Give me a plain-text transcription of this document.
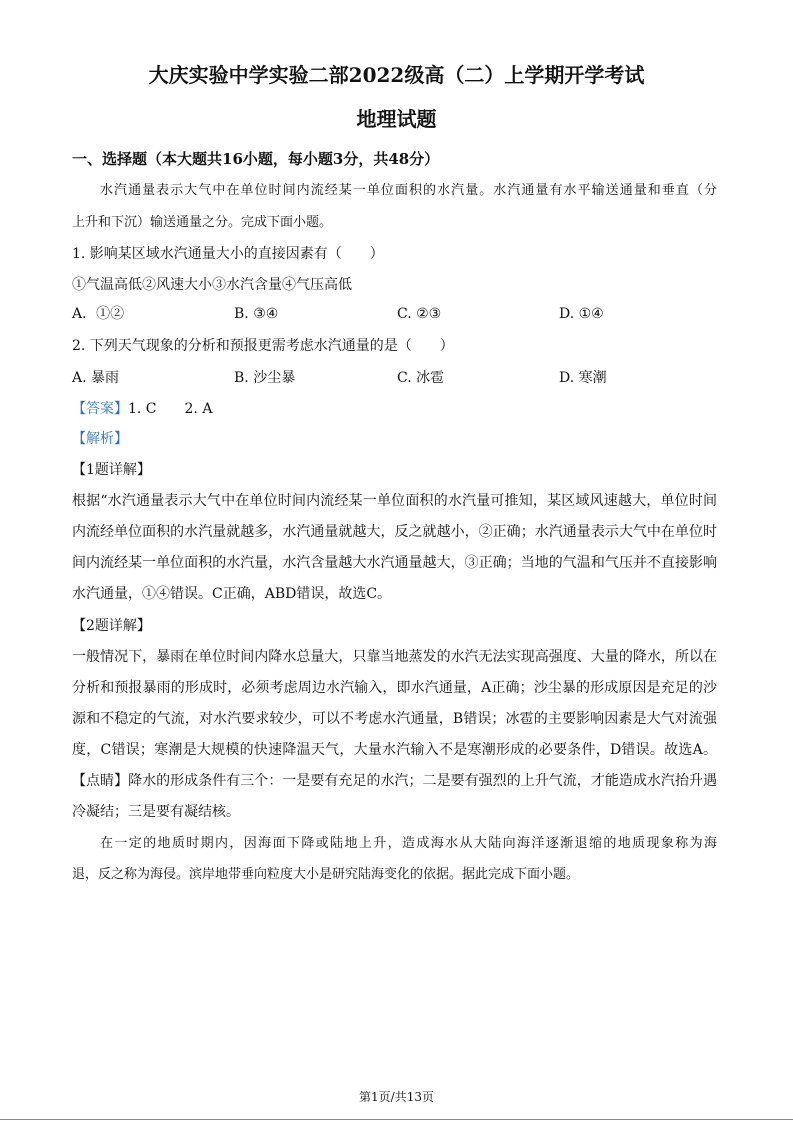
大庆实验中学实验二部2022级高（二）上学期开学考试
地理试题
一、选择题（本大题共16小题，每小题3分，共48分）
水汽通量表示大气中在单位时间内流经某一单位面积的水汽量。水汽通量有水平输送通量和垂直（分
上升和下沉）输送通量之分。完成下面小题。
1. 影响某区域水汽通量大小的直接因素有（　　）
①气温高低②风速大小③水汽含量④气压高低
A．①②	B. ③④	C. ②③	D. ①④
2. 下列天气现象的分析和预报更需考虑水汽通量的是（　　）
A. 暴雨	B. 沙尘暴	C. 冰雹	D. 寒潮
【答案】1. C　　2. A
【解析】
【1题详解】
根据“水汽通量表示大气中在单位时间内流经某一单位面积的水汽量可推知，某区域风速越大，单位时间
内流经单位面积的水汽量就越多，水汽通量就越大，反之就越小，②正确；水汽通量表示大气中在单位时
间内流经某一单位面积的水汽量，水汽含量越大水汽通量越大，③正确；当地的气温和气压并不直接影响
水汽通量，①④错误。C正确，ABD错误，故选C。
【2题详解】
一般情况下，暴雨在单位时间内降水总量大，只靠当地蒸发的水汽无法实现高强度、大量的降水，所以在
分析和预报暴雨的形成时，必须考虑周边水汽输入，即水汽通量，A正确；沙尘暴的形成原因是充足的沙
源和不稳定的气流，对水汽要求较少，可以不考虑水汽通量，B错误；冰雹的主要影响因素是大气对流强
度，C错误；寒潮是大规模的快速降温天气，大量水汽输入不是寒潮形成的必要条件，D错误。故选A。
【点睛】降水的形成条件有三个：一是要有充足的水汽；二是要有强烈的上升气流，才能造成水汽抬升遇
冷凝结；三是要有凝结核。
在一定的地质时期内，因海面下降或陆地上升，造成海水从大陆向海洋逐渐退缩的地质现象称为海
退，反之称为海侵。滨岸地带垂向粒度大小是研究陆海变化的依据。据此完成下面小题。
第1页/共13页
